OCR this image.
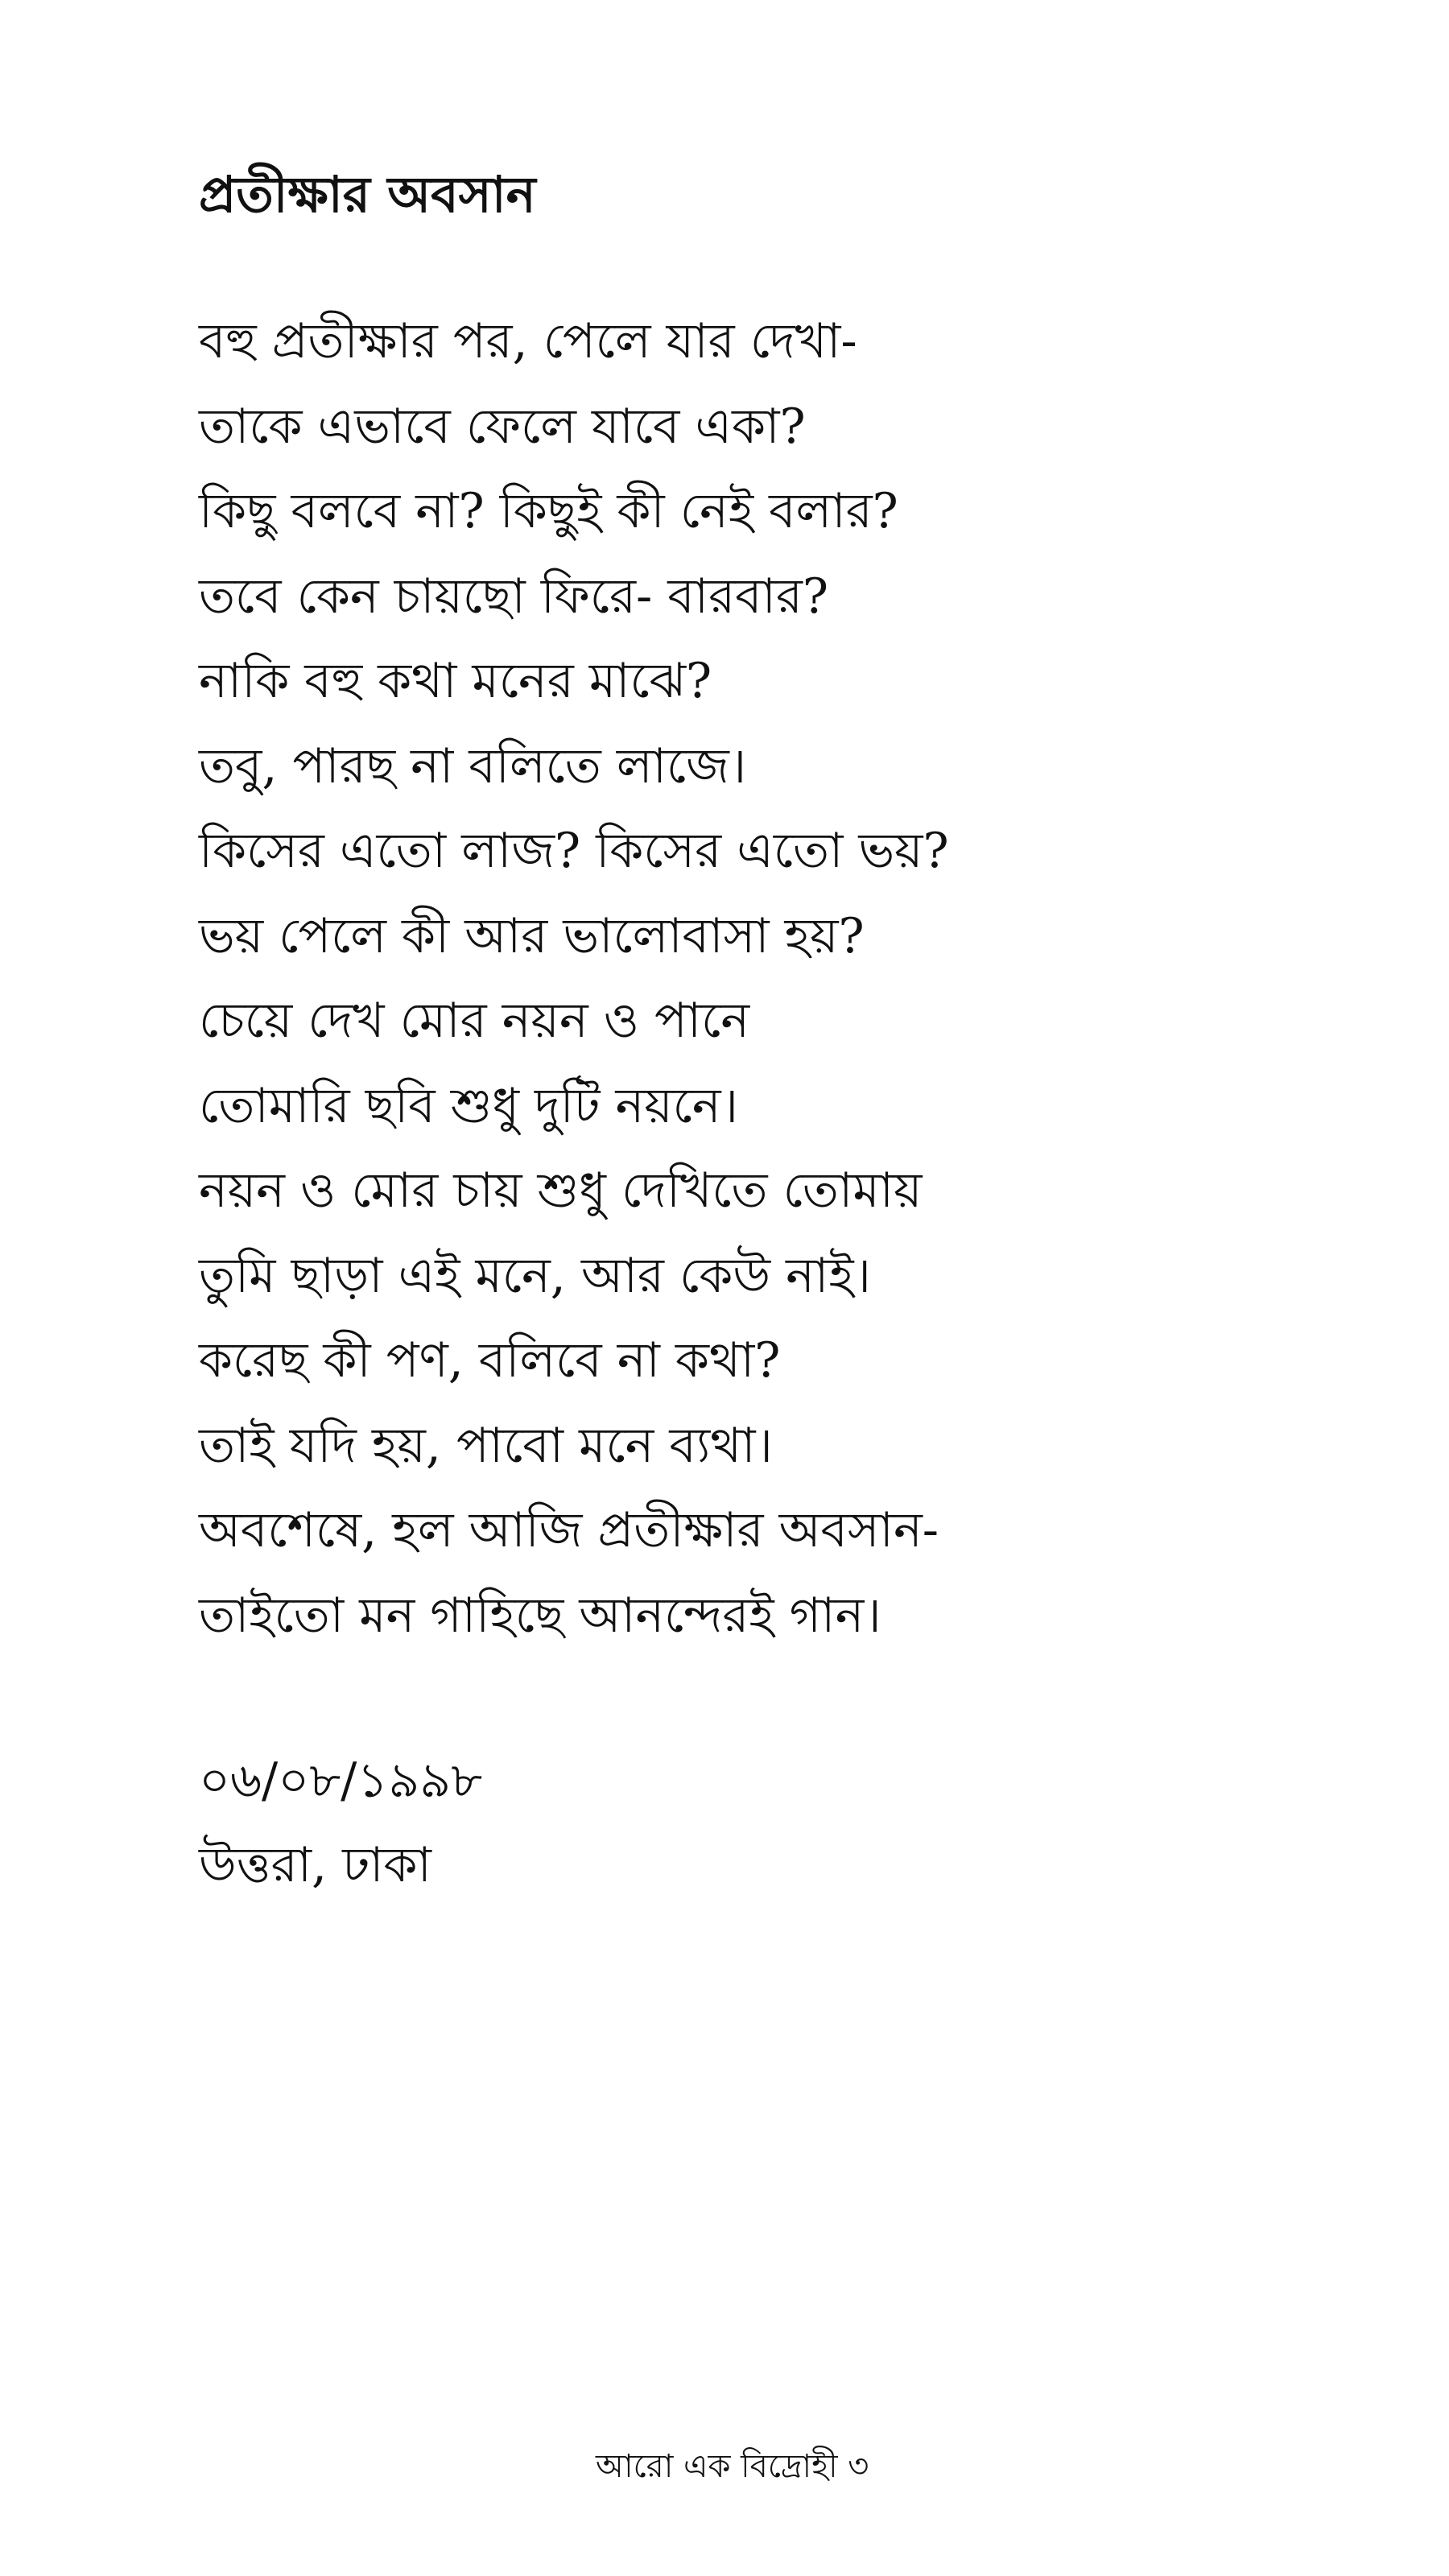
প্রতীক্ষার অবসান
বহু প্রতীক্ষার পর, পেলে যার দেখা-
তাকে এভাবে ফেলে যাবে একা?
কিছু বলবে না? কিছুই কী নেই বলার?
তবে কেন চায়ছো ফিরে- বারবার?
নাকি বহু কথা মনের মাঝে?
তবু, পারছ না বলিতে লাজে।
কিসের এতো লাজ? কিসের এতো ভয়?
ভয় পেলে কী আর ভালোবাসা হয়?
চেয়ে দেখ মোর নয়ন ও পানে
তোমারি ছবি শুধু দুটি নয়নে।
নয়ন ও মোর চায় শুধু দেখিতে তোমায়
তুমি ছাড়া এই মনে, আর কেউ নাই।
করেছ কী পণ, বলিবে না কথা?
তাই যদি হয়, পাবো মনে ব্যথা।
অবশেষে, হল আজি প্রতীক্ষার অবসান-
তাইতো মন গাহিছে আনন্দেরই গান।
০৬/০৮/১৯৯৮
উত্তরা, ঢাকা
আরো এক বিদ্রোহী ৩
